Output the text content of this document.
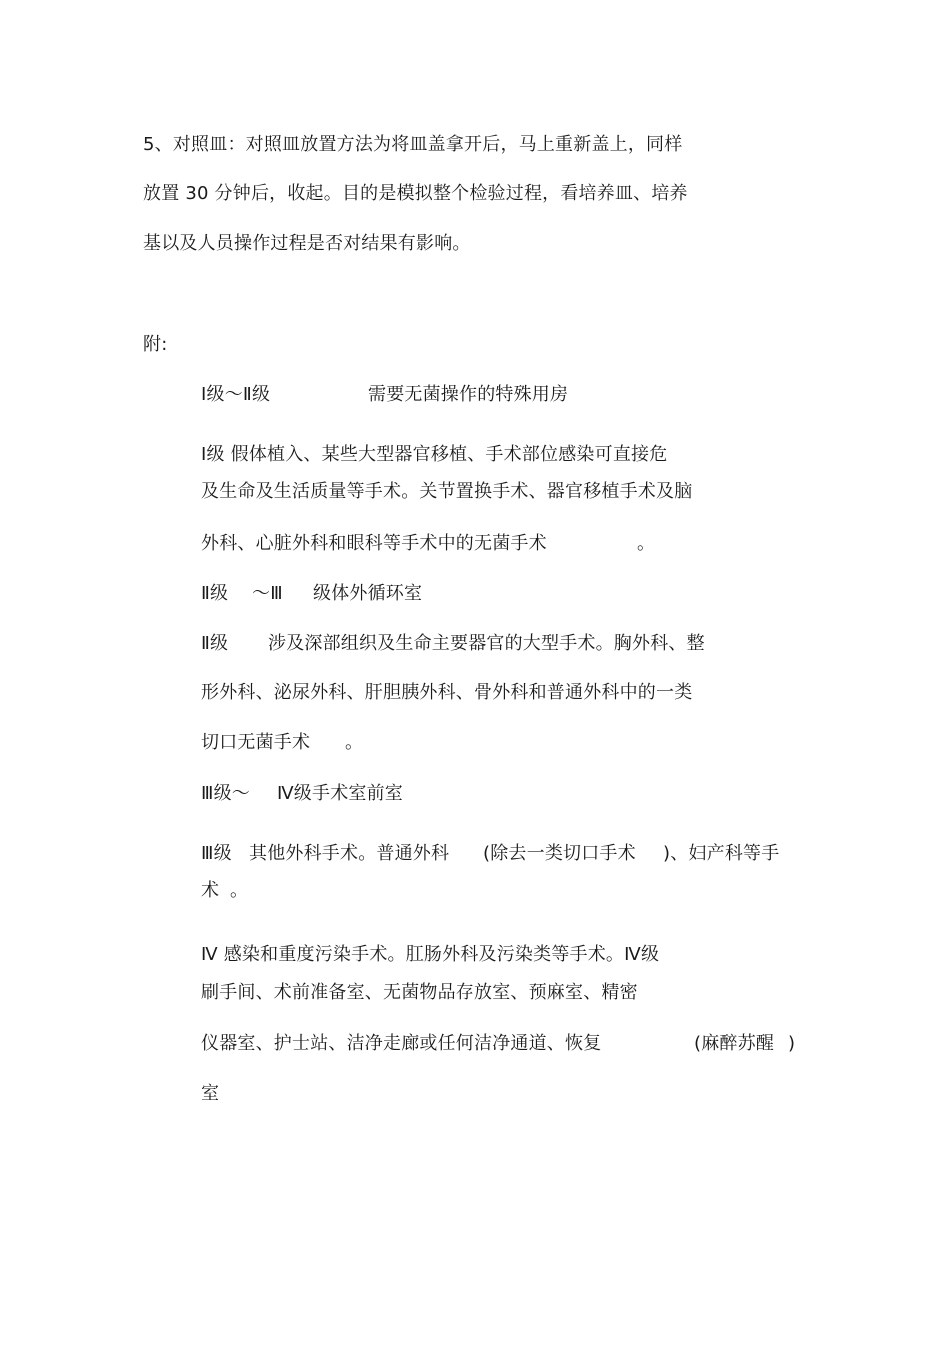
5、对照皿：对照皿放置方法为将皿盖拿开后，马上重新盖上，同样
放置 30 分钟后，收起。目的是模拟整个检验过程，看培养皿、培养
基以及人员操作过程是否对结果有影响。
附:
Ⅰ级～Ⅱ级	需要无菌操作的特殊用房
Ⅰ级 假体植入、某些大型器官移植、手术部位感染可直接危
及生命及生活质量等手术。关节置换手术、器官移植手术及脑
外科、心脏外科和眼科等手术中的无菌手术	。
Ⅱ级 ～Ⅲ 级体外循环室
Ⅱ级 涉及深部组织及生命主要器官的大型手术。胸外科、整
形外科、泌尿外科、肝胆胰外科、骨外科和普通外科中的一类
切口无菌手术 。
Ⅲ级～ Ⅳ级手术室前室
Ⅲ级 其他外科手术。普通外科 (除去一类切口手术 )、妇产科等手
术 。
Ⅳ 感染和重度污染手术。肛肠外科及污染类等手术。Ⅳ级
刷手间、术前准备室、无菌物品存放室、预麻室、精密
仪器室、护士站、洁净走廊或任何洁净通道、恢复	(麻醉苏醒 )
室
